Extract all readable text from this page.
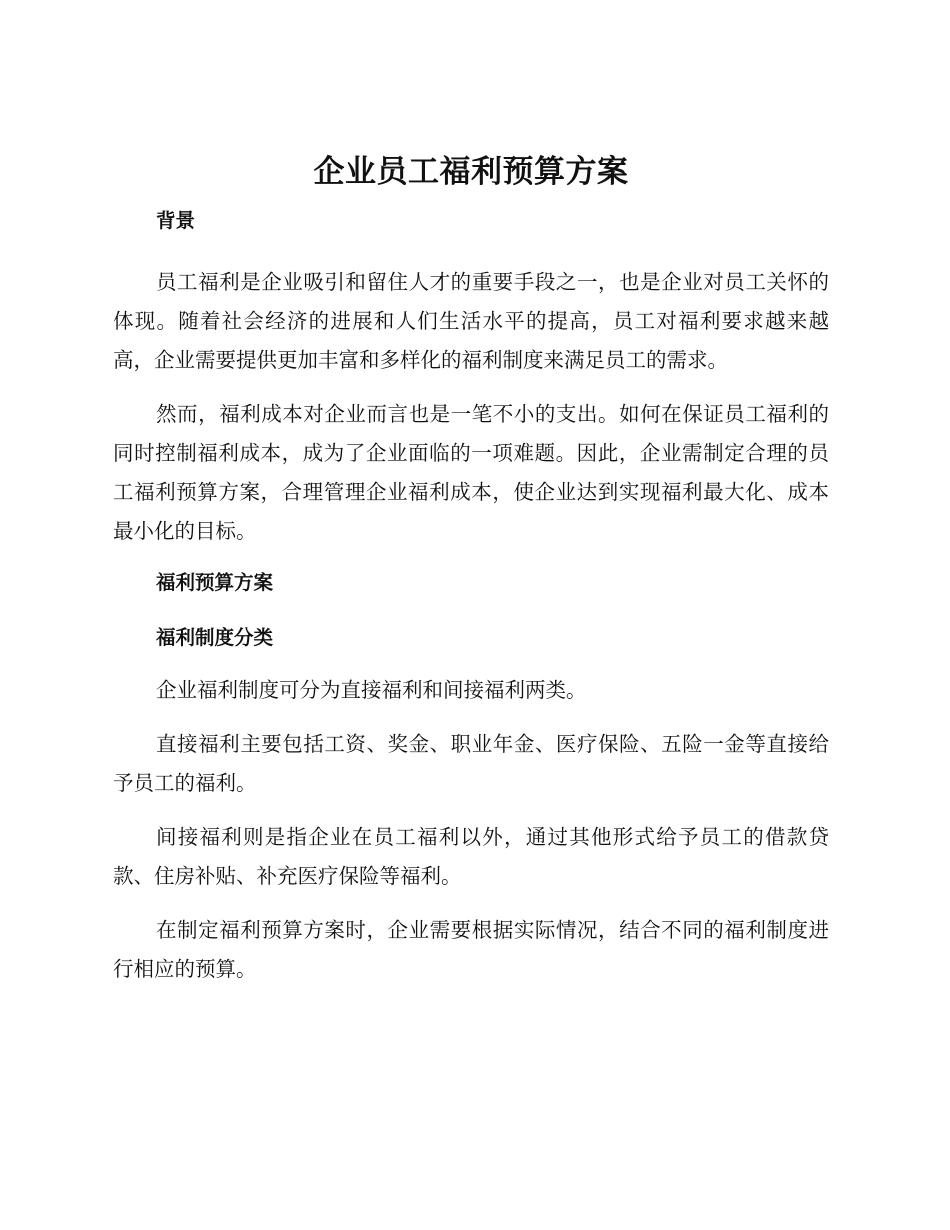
企业员工福利预算方案
背景

员工福利是企业吸引和留住人才的重要手段之一，也是企业对员工关怀的体现。随着社会经济的进展和人们生活水平的提高，员工对福利要求越来越高，企业需要提供更加丰富和多样化的福利制度来满足员工的需求。

然而，福利成本对企业而言也是一笔不小的支出。如何在保证员工福利的同时控制福利成本，成为了企业面临的一项难题。因此，企业需制定合理的员工福利预算方案，合理管理企业福利成本，使企业达到实现福利最大化、成本最小化的目标。

福利预算方案
福利制度分类

企业福利制度可分为直接福利和间接福利两类。

直接福利主要包括工资、奖金、职业年金、医疗保险、五险一金等直接给予员工的福利。

间接福利则是指企业在员工福利以外，通过其他形式给予员工的借款贷款、住房补贴、补充医疗保险等福利。

在制定福利预算方案时，企业需要根据实际情况，结合不同的福利制度进行相应的预算。
